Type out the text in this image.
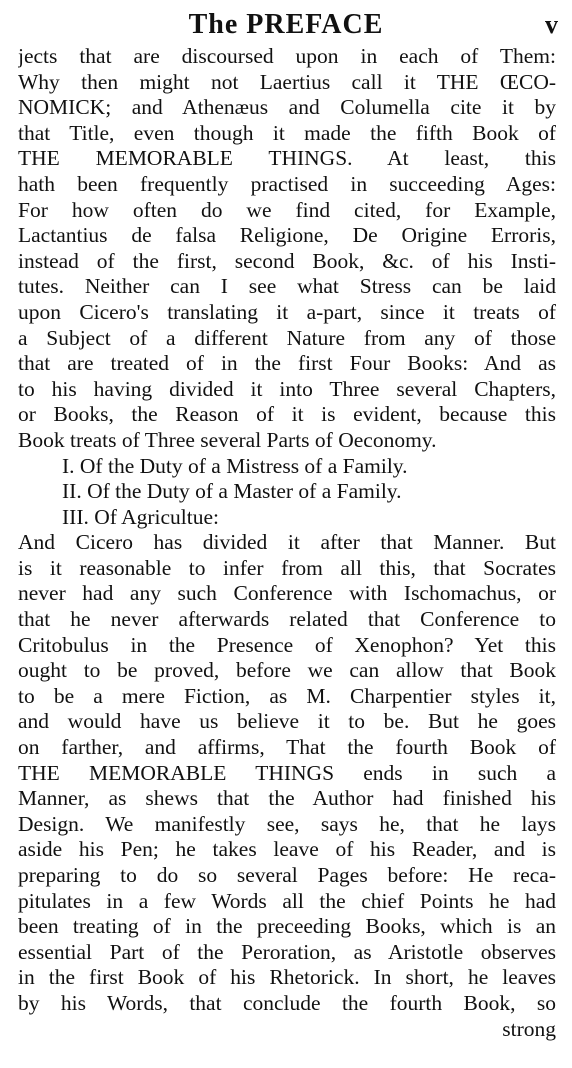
The PREFACE	v
jects that are discoursed upon in each of Them:
Why then might not Laertius call it THE ŒCO-
NOMICK; and Athenæus and Columella cite it by
that Title, even though it made the fifth Book of
THE MEMORABLE THINGS. At least, this
hath been frequently practised in succeeding Ages:
For how often do we find cited, for Example,
Lactantius de falsa Religione, De Origine Erroris,
instead of the first, second Book, &c. of his Insti-
tutes. Neither can I see what Stress can be laid
upon Cicero's translating it a-part, since it treats of
a Subject of a different Nature from any of those
that are treated of in the first Four Books: And as
to his having divided it into Three several Chapters,
or Books, the Reason of it is evident, because this
Book treats of Three several Parts of Oeconomy.
I. Of the Duty of a Mistress of a Family.
II. Of the Duty of a Master of a Family.
III. Of Agricultue:
And Cicero has divided it after that Manner. But
is it reasonable to infer from all this, that Socrates
never had any such Conference with Ischomachus, or
that he never afterwards related that Conference to
Critobulus in the Presence of Xenophon? Yet this
ought to be proved, before we can allow that Book
to be a mere Fiction, as M. Charpentier styles it,
and would have us believe it to be. But he goes
on farther, and affirms, That the fourth Book of
THE MEMORABLE THINGS ends in such a
Manner, as shews that the Author had finished his
Design. We manifestly see, says he, that he lays
aside his Pen; he takes leave of his Reader, and is
preparing to do so several Pages before: He reca-
pitulates in a few Words all the chief Points he had
been treating of in the preceeding Books, which is an
essential Part of the Peroration, as Aristotle observes
in the first Book of his Rhetorick. In short, he leaves
by his Words, that conclude the fourth Book, so
strong
